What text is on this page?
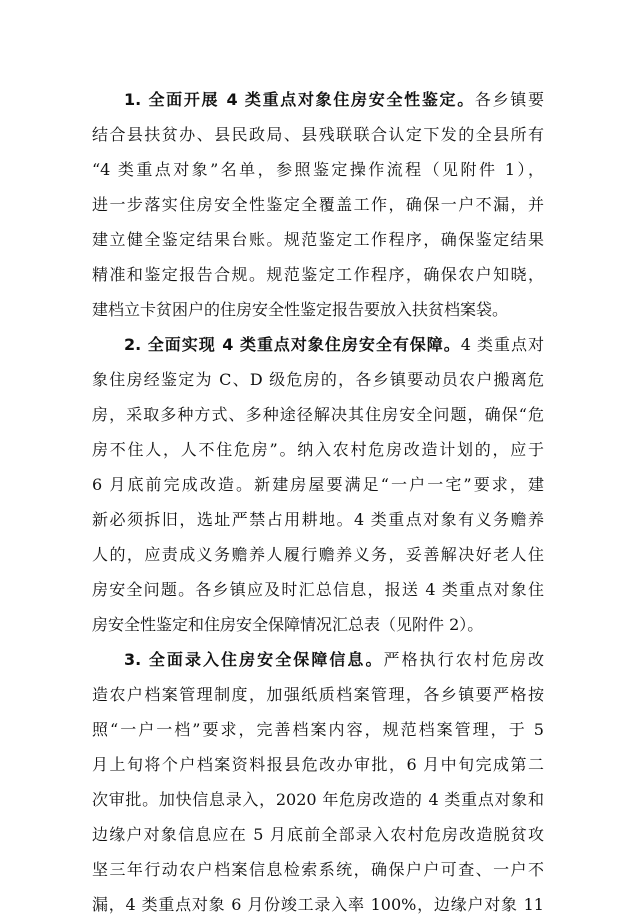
1. 全面开展 4 类重点对象住房安全性鉴定。各乡镇要
结合县扶贫办、县民政局、县残联联合认定下发的全县所有
“4 类重点对象”名单，参照鉴定操作流程（见附件 1），
进一步落实住房安全性鉴定全覆盖工作，确保一户不漏，并
建立健全鉴定结果台账。规范鉴定工作程序，确保鉴定结果
精准和鉴定报告合规。规范鉴定工作程序，确保农户知晓，
建档立卡贫困户的住房安全性鉴定报告要放入扶贫档案袋。
2. 全面实现 4 类重点对象住房安全有保障。4 类重点对
象住房经鉴定为 C、D 级危房的，各乡镇要动员农户搬离危
房，采取多种方式、多种途径解决其住房安全问题，确保“危
房不住人，人不住危房”。纳入农村危房改造计划的，应于
6 月底前完成改造。新建房屋要满足“一户一宅”要求，建
新必须拆旧，选址严禁占用耕地。4 类重点对象有义务赡养
人的，应责成义务赡养人履行赡养义务，妥善解决好老人住
房安全问题。各乡镇应及时汇总信息，报送 4 类重点对象住
房安全性鉴定和住房安全保障情况汇总表（见附件 2）。
3. 全面录入住房安全保障信息。严格执行农村危房改
造农户档案管理制度，加强纸质档案管理，各乡镇要严格按
照“一户一档”要求，完善档案内容，规范档案管理，于 5
月上旬将个户档案资料报县危改办审批，6 月中旬完成第二
次审批。加快信息录入，2020 年危房改造的 4 类重点对象和
边缘户对象信息应在 5 月底前全部录入农村危房改造脱贫攻
坚三年行动农户档案信息检索系统，确保户户可查、一户不
漏，4 类重点对象 6 月份竣工录入率 100%，边缘户对象 11
